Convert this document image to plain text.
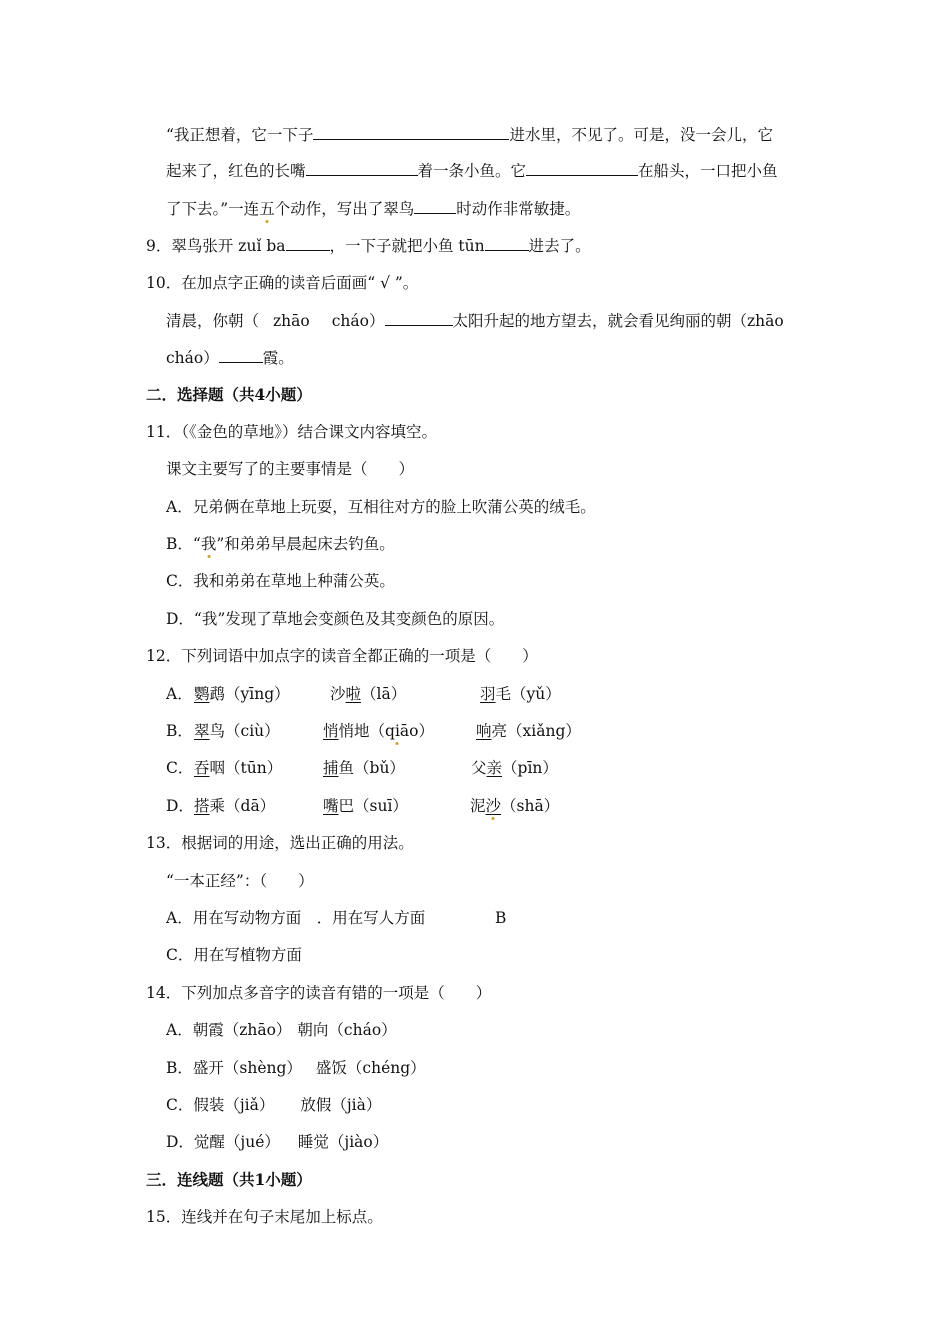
“我正想着，它一下子	进水里，不见了。可是，没一会儿，它
起来了，红色的长嘴	着一条小鱼。它	在船头，一口把小鱼
了下去。”一连五个动作，写出了翠鸟	时动作非常敏捷。
9．翠鸟张开 zuǐ ba	，一下子就把小鱼 tūn	进去了。
10．在加点字正确的读音后面画“ √ ”。
清晨，你朝（ zhāo cháo）	太阳升起的地方望去，就会看见绚丽的朝（zhāo
cháo）	霞。
二．选择题（共4小题）
11．（《金色的草地》）结合课文内容填空。
课文主要写了的主要事情是（　　）
A．兄弟俩在草地上玩耍，互相往对方的脸上吹蒲公英的绒毛。
B．“我”和弟弟早晨起床去钓鱼。
C．我和弟弟在草地上种蒲公英。
D．“我”发现了草地会变颜色及其变颜色的原因。
12．下列词语中加点字的读音全都正确的一项是（　　）
A． 鹦鹉（yīng）	沙啦（lā）	羽毛（yǔ）
B． 翠鸟（ciù）	悄悄地（qiāo）	响亮（xiǎng）
C． 吞咽（tūn）	捕鱼（bǔ）	父亲（pīn）
D． 搭乘（dā）	嘴巴（suī）	泥沙（shā）
13．根据词的用途，选出正确的用法。
“一本正经”：（　　）
A．用在写动物方面　．用在写人方面	B
C．用在写植物方面
14．下列加点多音字的读音有错的一项是（　　）
A．朝霞（zhāo） 朝向（cháo）
B．盛开（shèng） 盛饭（chéng）
C．假装（jiǎ） 放假（jià）
D．觉醒（jué） 睡觉（jiào）
三．连线题（共1小题）
15．连线并在句子末尾加上标点。
